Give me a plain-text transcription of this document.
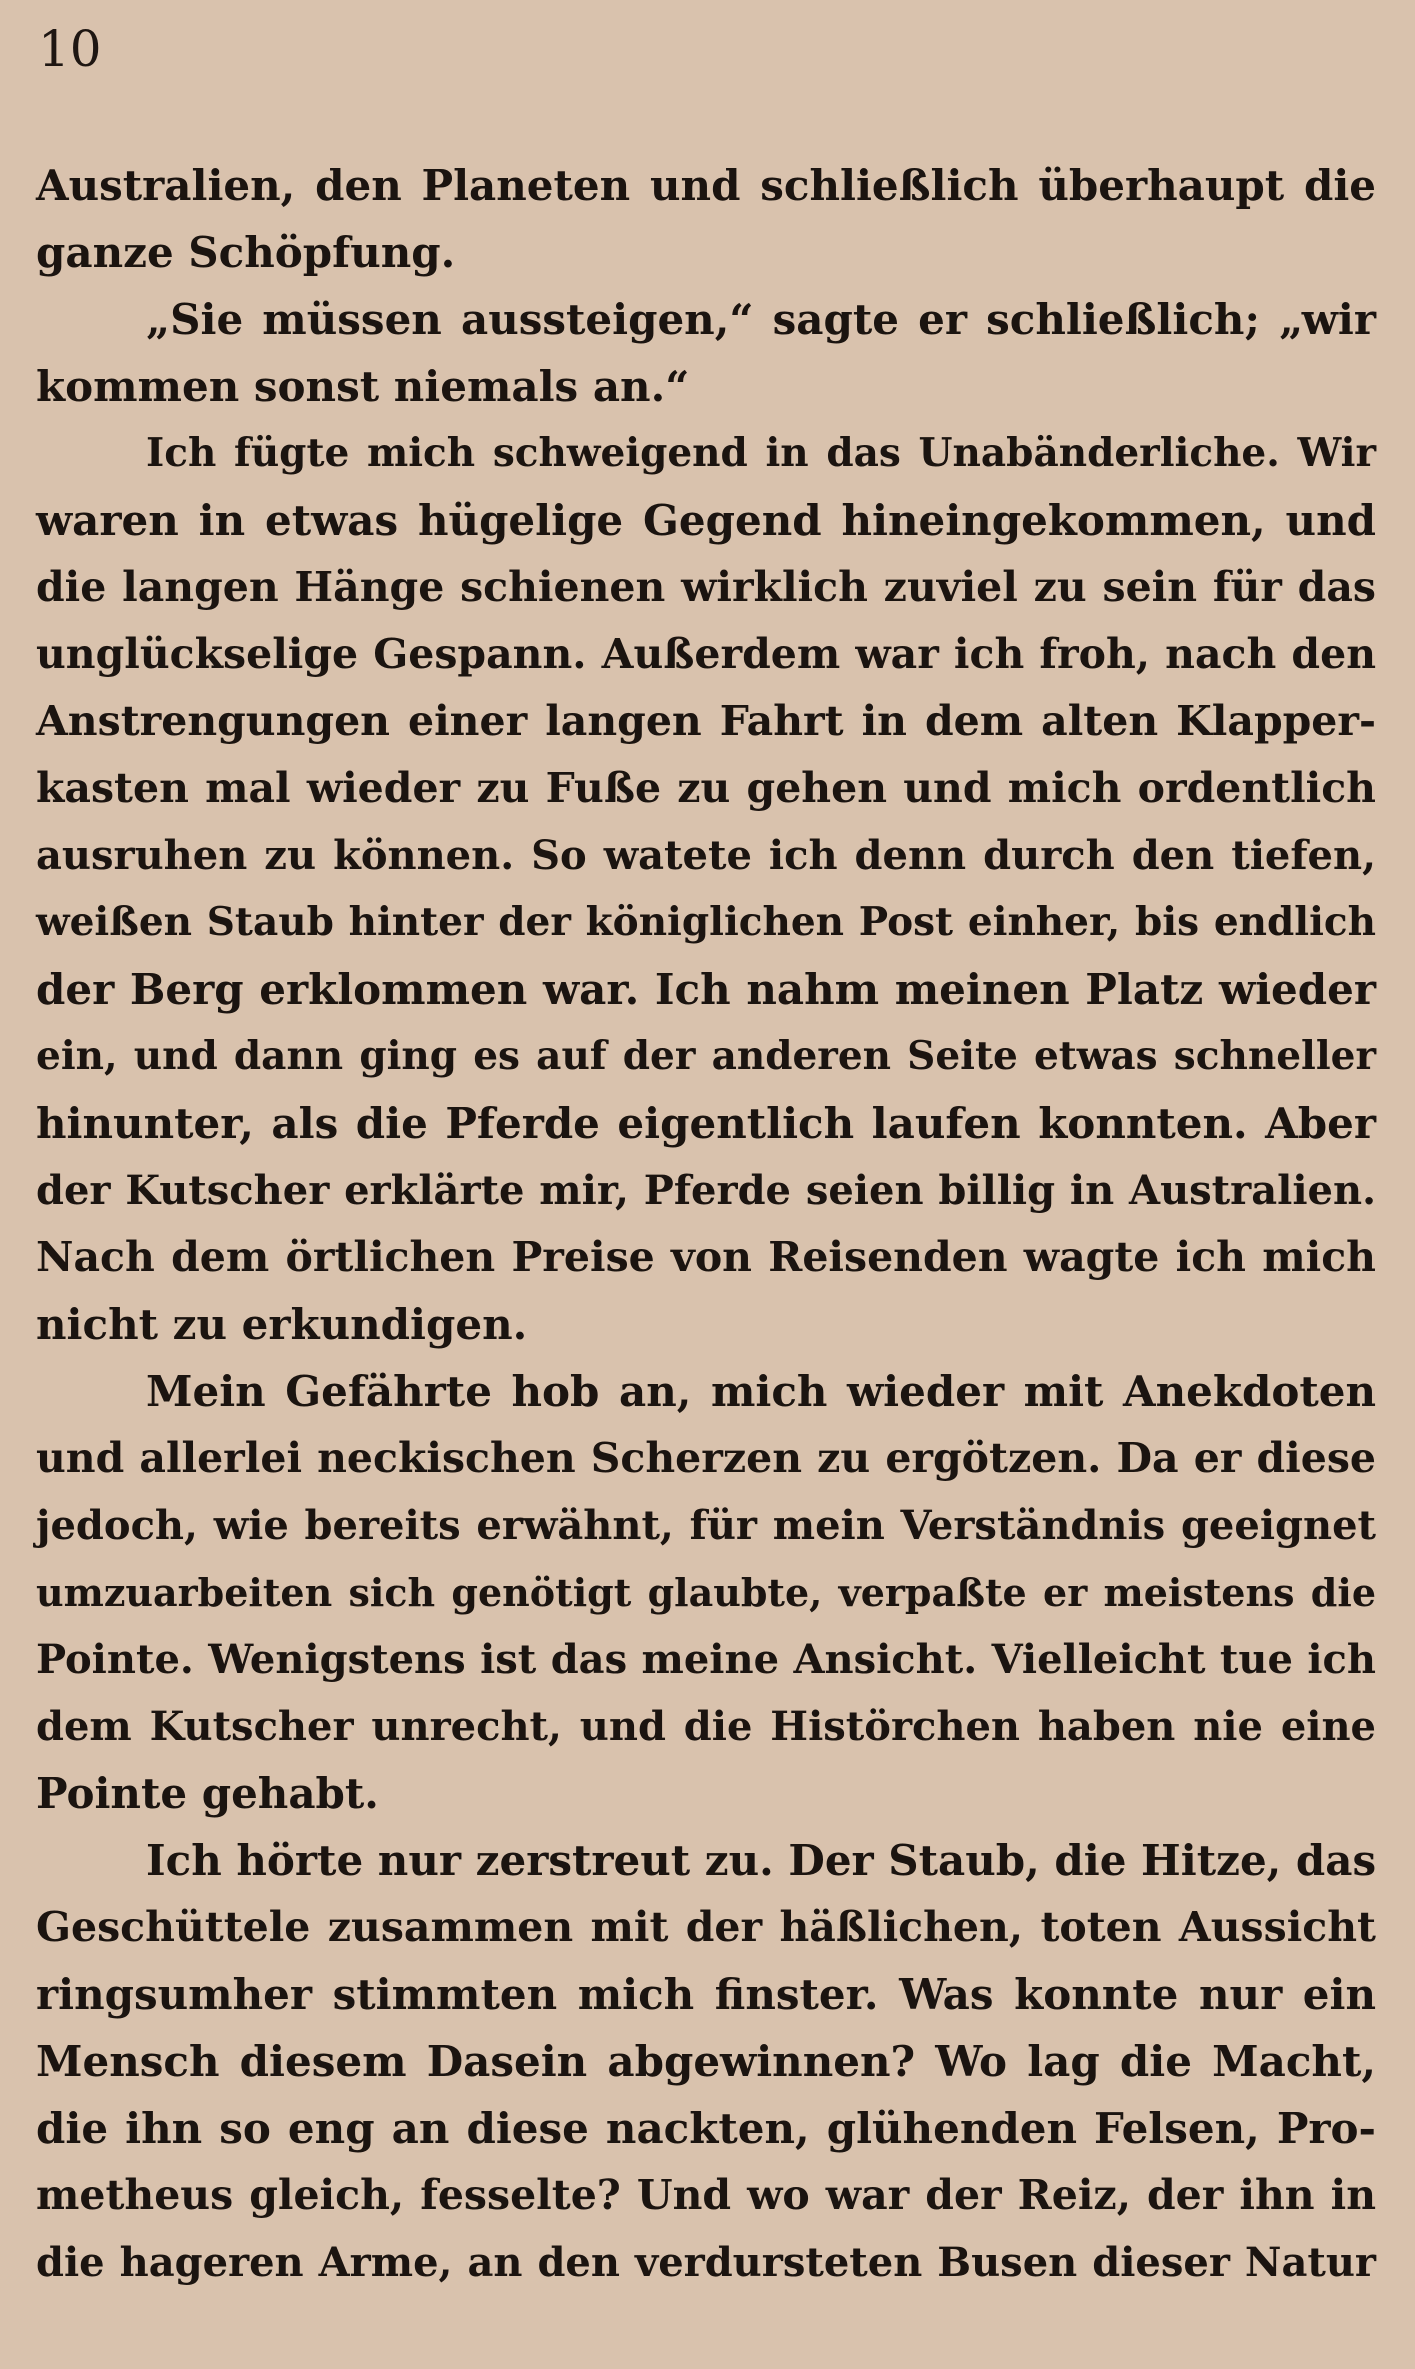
10
Australien, den Planeten und schließlich überhaupt die
ganze Schöpfung.
„Sie müssen aussteigen,“ sagte er schließlich; „wir
kommen sonst niemals an.“
Ich fügte mich schweigend in das Unabänderliche. Wir
waren in etwas hügelige Gegend hineingekommen, und
die langen Hänge schienen wirklich zuviel zu sein für das
unglückselige Gespann. Außerdem war ich froh, nach den
Anstrengungen einer langen Fahrt in dem alten Klapper-
kasten mal wieder zu Fuße zu gehen und mich ordentlich
ausruhen zu können. So watete ich denn durch den tiefen,
weißen Staub hinter der königlichen Post einher, bis endlich
der Berg erklommen war. Ich nahm meinen Platz wieder
ein, und dann ging es auf der anderen Seite etwas schneller
hinunter, als die Pferde eigentlich laufen konnten. Aber
der Kutscher erklärte mir, Pferde seien billig in Australien.
Nach dem örtlichen Preise von Reisenden wagte ich mich
nicht zu erkundigen.
Mein Gefährte hob an, mich wieder mit Anekdoten
und allerlei neckischen Scherzen zu ergötzen. Da er diese
jedoch, wie bereits erwähnt, für mein Verständnis geeignet
umzuarbeiten sich genötigt glaubte, verpaßte er meistens die
Pointe. Wenigstens ist das meine Ansicht. Vielleicht tue ich
dem Kutscher unrecht, und die Histörchen haben nie eine
Pointe gehabt.
Ich hörte nur zerstreut zu. Der Staub, die Hitze, das
Geschüttele zusammen mit der häßlichen, toten Aussicht
ringsumher stimmten mich finster. Was konnte nur ein
Mensch diesem Dasein abgewinnen? Wo lag die Macht,
die ihn so eng an diese nackten, glühenden Felsen, Pro-
metheus gleich, fesselte? Und wo war der Reiz, der ihn in
die hageren Arme, an den verdursteten Busen dieser Natur
